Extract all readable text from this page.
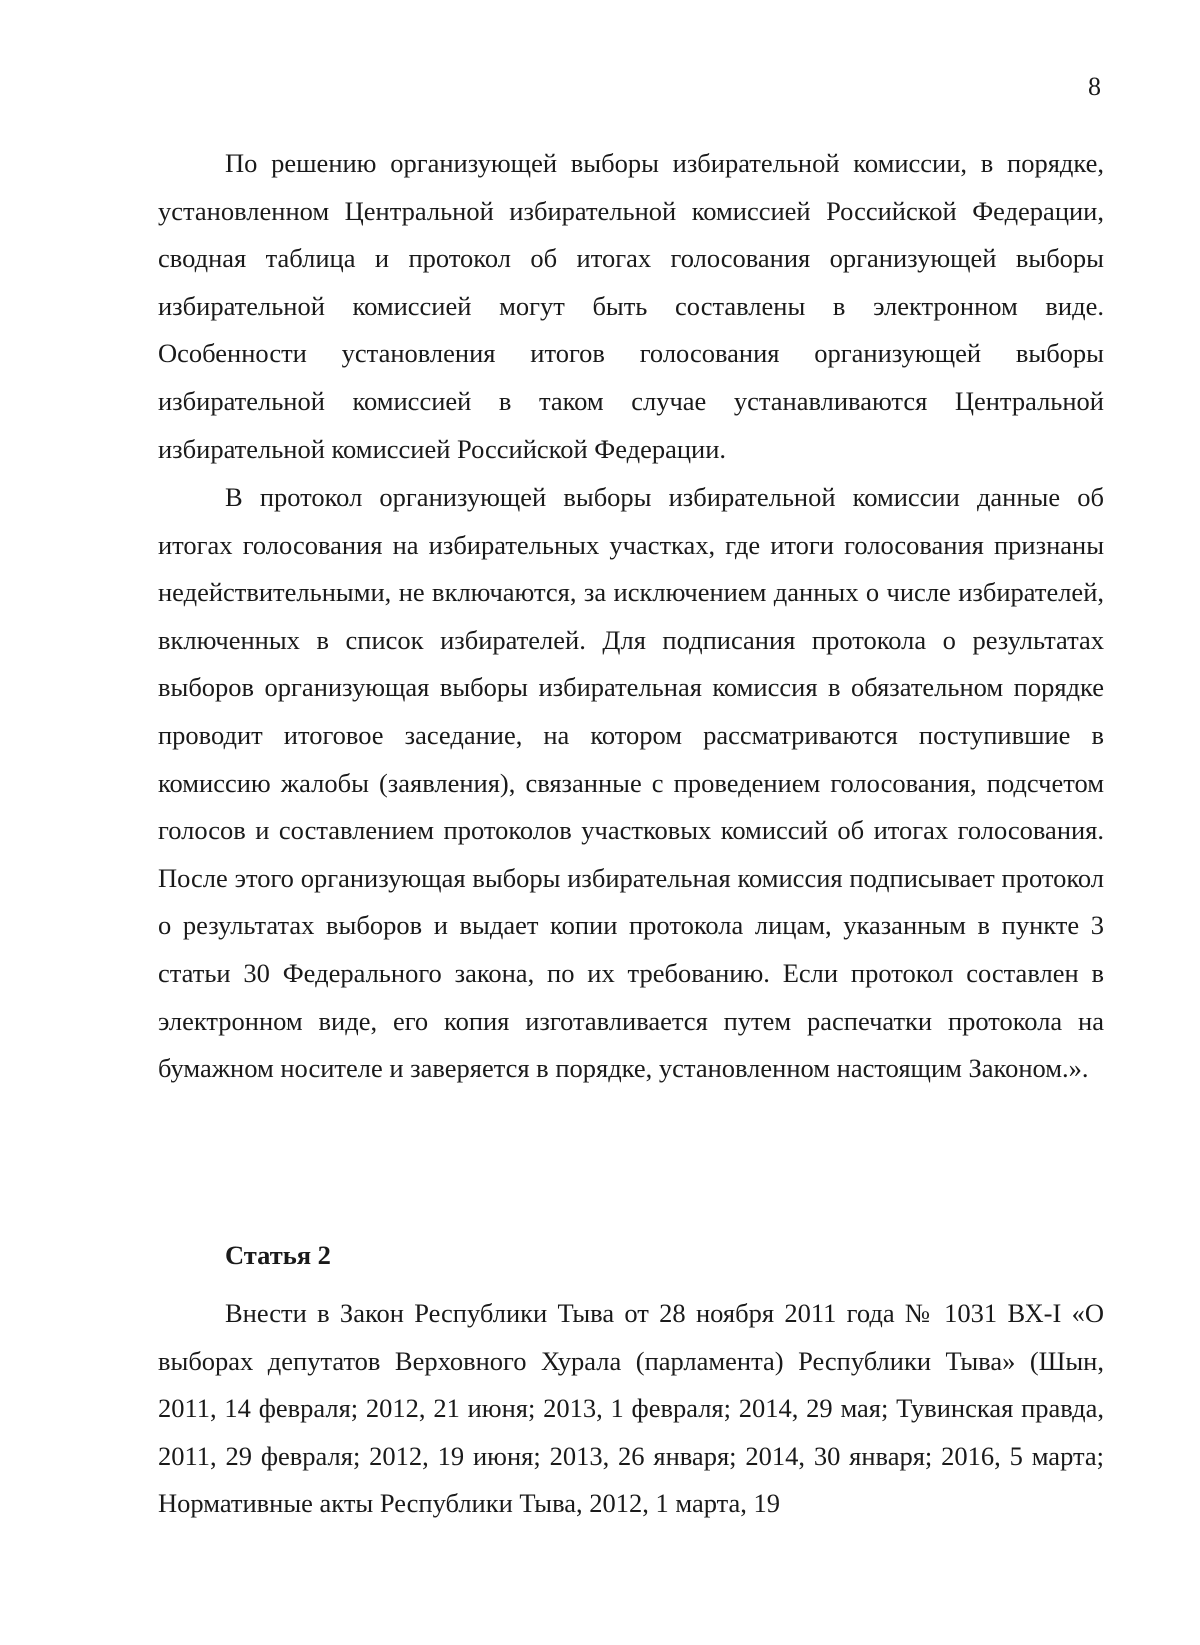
8

По решению организующей выборы избирательной комиссии, в порядке, установленном Центральной избирательной комиссией Российской Федерации, сводная таблица и протокол об итогах голосования организующей выборы избирательной комиссией могут быть составлены в электронном виде. Особенности установления итогов голосования организующей выборы избирательной комиссией в таком случае устанавливаются Центральной избирательной комиссией Российской Федерации.

В протокол организующей выборы избирательной комиссии данные об итогах голосования на избирательных участках, где итоги голосования признаны недействительными, не включаются, за исключением данных о числе избирателей, включенных в список избирателей. Для подписания протокола о результатах выборов организующая выборы избирательная комиссия в обязательном порядке проводит итоговое заседание, на котором рассматриваются поступившие в комиссию жалобы (заявления), связанные с проведением голосования, подсчетом голосов и составлением протоколов участковых комиссий об итогах голосования. После этого организующая выборы избирательная комиссия подписывает протокол о результатах выборов и выдает копии протокола лицам, указанным в пункте 3 статьи 30 Федерального закона, по их требованию. Если протокол составлен в электронном виде, его копия изготавливается путем распечатки протокола на бумажном носителе и заверяется в порядке, установленном настоящим Законом.».

Статья 2

Внести в Закон Республики Тыва от 28 ноября 2011 года № 1031 ВХ-I «О выборах депутатов Верховного Хурала (парламента) Республики Тыва» (Шын, 2011, 14 февраля; 2012, 21 июня; 2013, 1 февраля; 2014, 29 мая; Тувинская правда, 2011, 29 февраля; 2012, 19 июня; 2013, 26 января; 2014, 30 января; 2016, 5 марта; Нормативные акты Республики Тыва, 2012, 1 марта, 19
